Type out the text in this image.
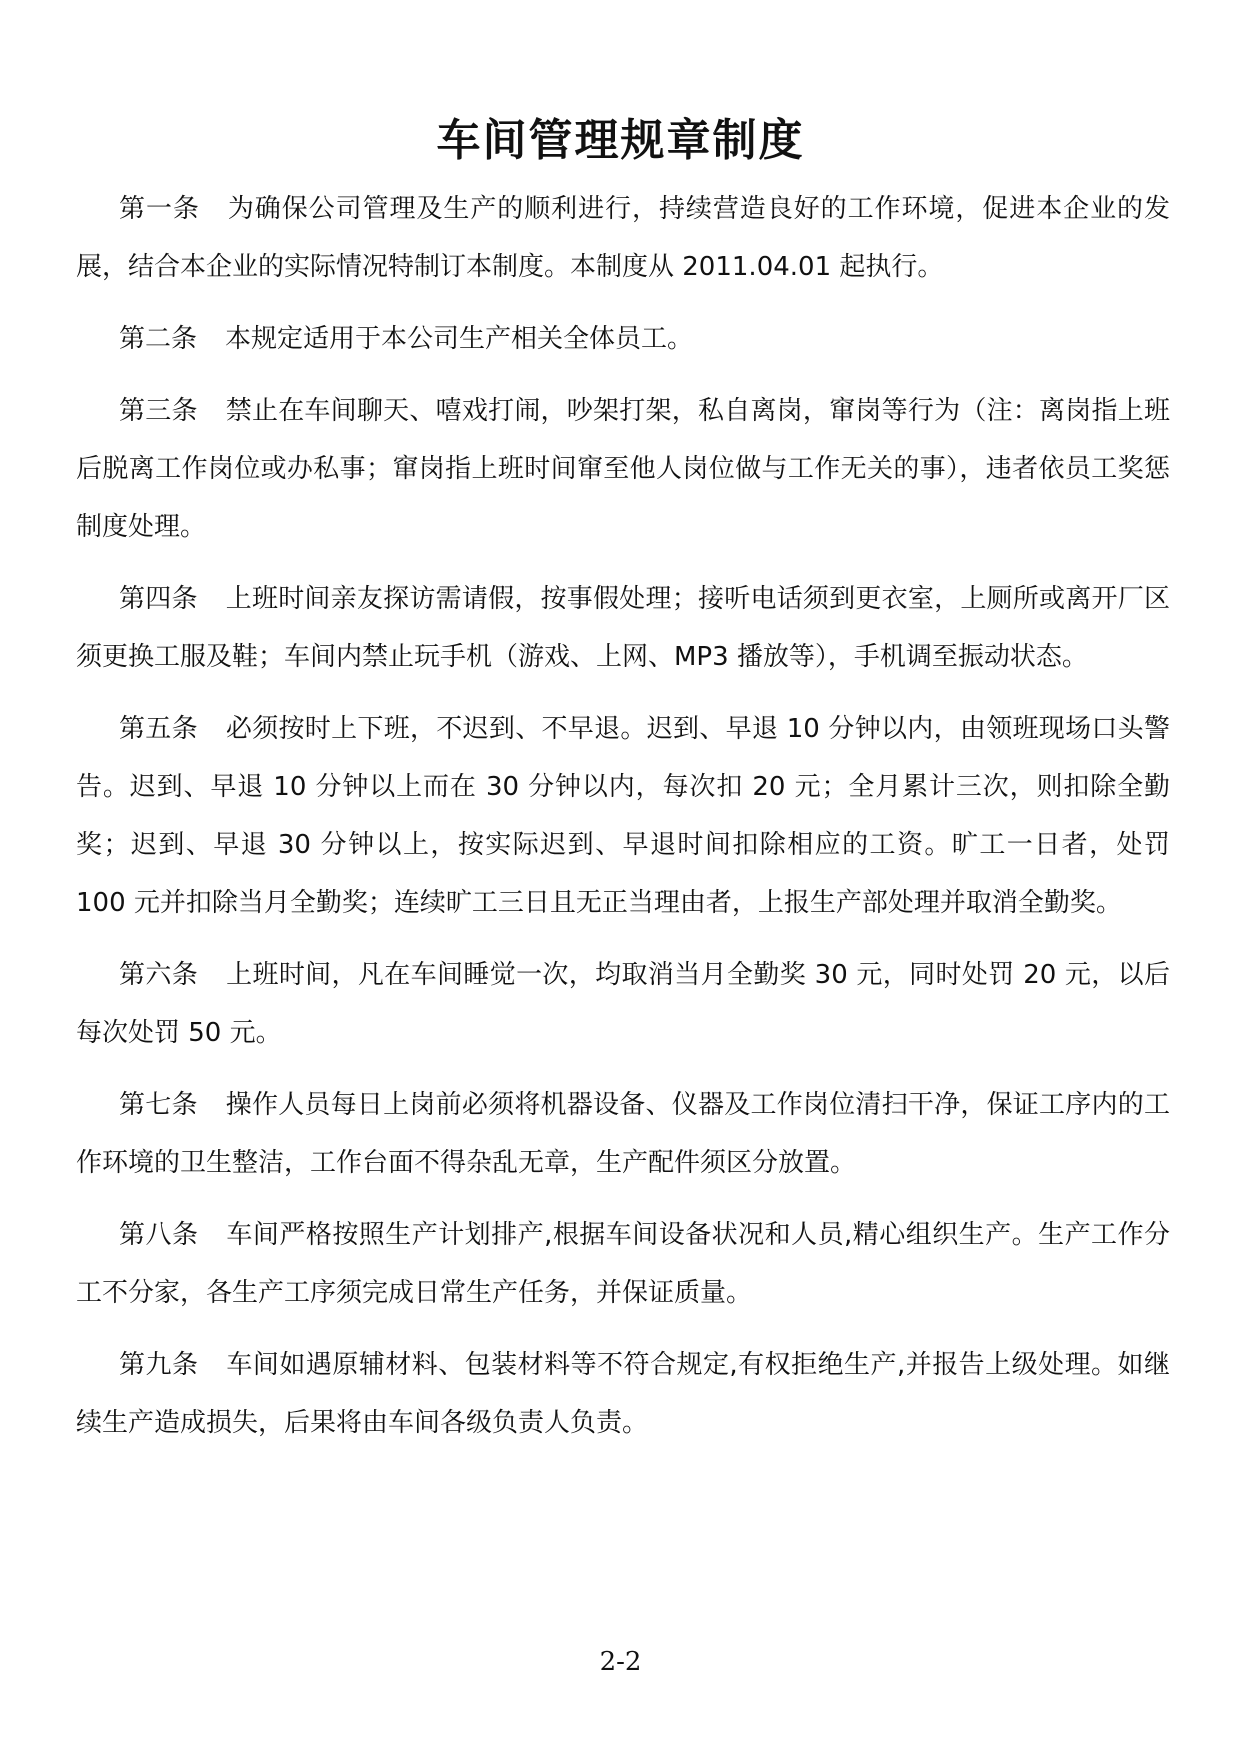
车间管理规章制度

第一条 为确保公司管理及生产的顺利进行，持续营造良好的工作环境，促进本企业的发展，结合本企业的实际情况特制订本制度。本制度从 2011.04.01 起执行。

第二条 本规定适用于本公司生产相关全体员工。

第三条 禁止在车间聊天、嘻戏打闹，吵架打架，私自离岗，窜岗等行为（注：离岗指上班后脱离工作岗位或办私事；窜岗指上班时间窜至他人岗位做与工作无关的事），违者依员工奖惩制度处理。

第四条 上班时间亲友探访需请假，按事假处理；接听电话须到更衣室，上厕所或离开厂区须更换工服及鞋；车间内禁止玩手机（游戏、上网、MP3 播放等），手机调至振动状态。

第五条 必须按时上下班，不迟到、不早退。迟到、早退 10 分钟以内，由领班现场口头警告。迟到、早退 10 分钟以上而在 30 分钟以内，每次扣 20 元；全月累计三次，则扣除全勤奖；迟到、早退 30 分钟以上，按实际迟到、早退时间扣除相应的工资。旷工一日者，处罚 100 元并扣除当月全勤奖；连续旷工三日且无正当理由者，上报生产部处理并取消全勤奖。

第六条 上班时间，凡在车间睡觉一次，均取消当月全勤奖 30 元，同时处罚 20 元，以后每次处罚 50 元。

第七条 操作人员每日上岗前必须将机器设备、仪器及工作岗位清扫干净，保证工序内的工作环境的卫生整洁，工作台面不得杂乱无章，生产配件须区分放置。

第八条 车间严格按照生产计划排产,根据车间设备状况和人员,精心组织生产。生产工作分工不分家，各生产工序须完成日常生产任务，并保证质量。

第九条 车间如遇原辅材料、包装材料等不符合规定,有权拒绝生产,并报告上级处理。如继续生产造成损失，后果将由车间各级负责人负责。

2-2
